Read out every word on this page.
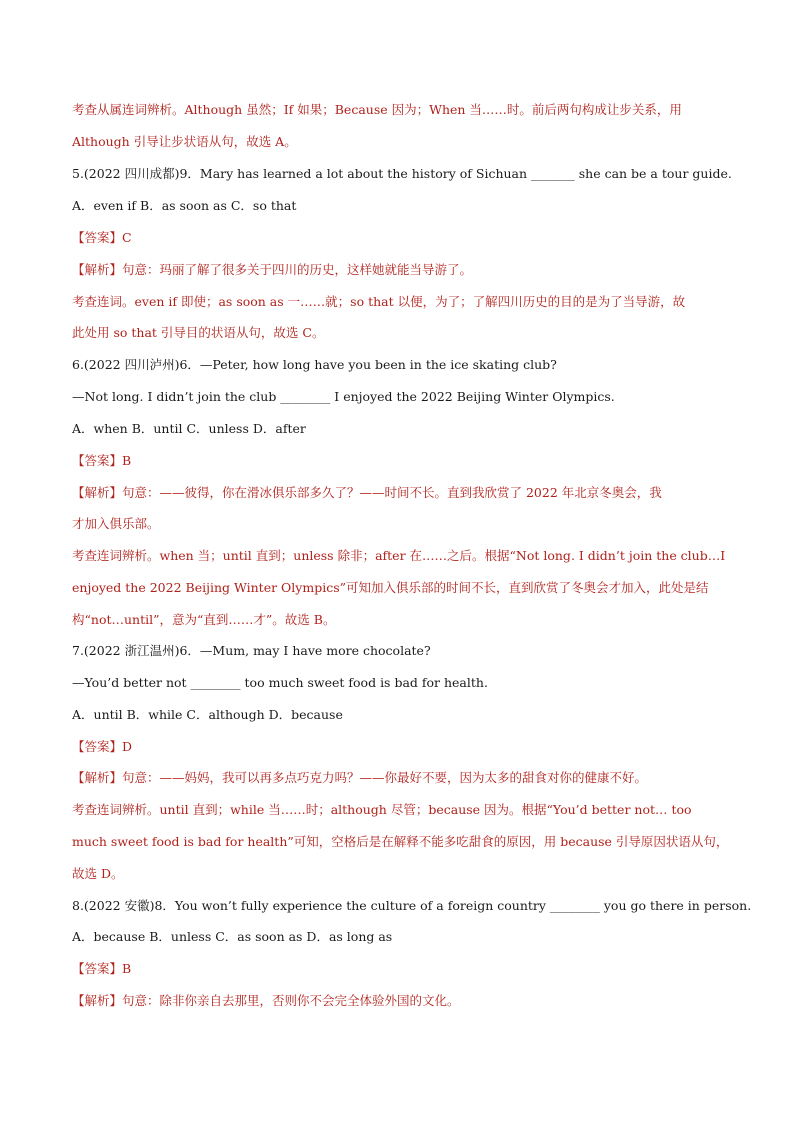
考查从属连词辨析。Although 虽然；If 如果；Because 因为；When 当……时。前后两句构成让步关系，用
Although 引导让步状语从句，故选 A。
5.(2022 四川成都)9．Mary has learned a lot about the history of Sichuan _______ she can be a tour guide.
A．even if B．as soon as C．so that
【答案】C
【解析】句意：玛丽了解了很多关于四川的历史，这样她就能当导游了。
考查连词。even if 即使；as soon as 一……就；so that 以便，为了；了解四川历史的目的是为了当导游，故
此处用 so that 引导目的状语从句，故选 C。
6.(2022 四川泸州)6．—Peter, how long have you been in the ice skating club?
—Not long. I didn’t join the club ________ I enjoyed the 2022 Beijing Winter Olympics.
A．when B．until C．unless D．after
【答案】B
【解析】句意：——彼得，你在滑冰俱乐部多久了？——时间不长。直到我欣赏了 2022 年北京冬奥会，我
才加入俱乐部。
考查连词辨析。when 当；until 直到；unless 除非；after 在……之后。根据“Not long. I didn’t join the club…I
enjoyed the 2022 Beijing Winter Olympics”可知加入俱乐部的时间不长，直到欣赏了冬奥会才加入，此处是结
构“not…until”，意为“直到……才”。故选 B。
7.(2022 浙江温州)6．—Mum, may I have more chocolate?
—You’d better not ________ too much sweet food is bad for health.
A．until B．while C．although D．because
【答案】D
【解析】句意：——妈妈，我可以再多点巧克力吗？——你最好不要，因为太多的甜食对你的健康不好。
考查连词辨析。until 直到；while 当……时；although 尽管；because 因为。根据“You’d better not… too
much sweet food is bad for health”可知，空格后是在解释不能多吃甜食的原因，用 because 引导原因状语从句，
故选 D。
8.(2022 安徽)8．You won’t fully experience the culture of a foreign country ________ you go there in person.
A．because B．unless C．as soon as D．as long as
【答案】B
【解析】句意：除非你亲自去那里，否则你不会完全体验外国的文化。
